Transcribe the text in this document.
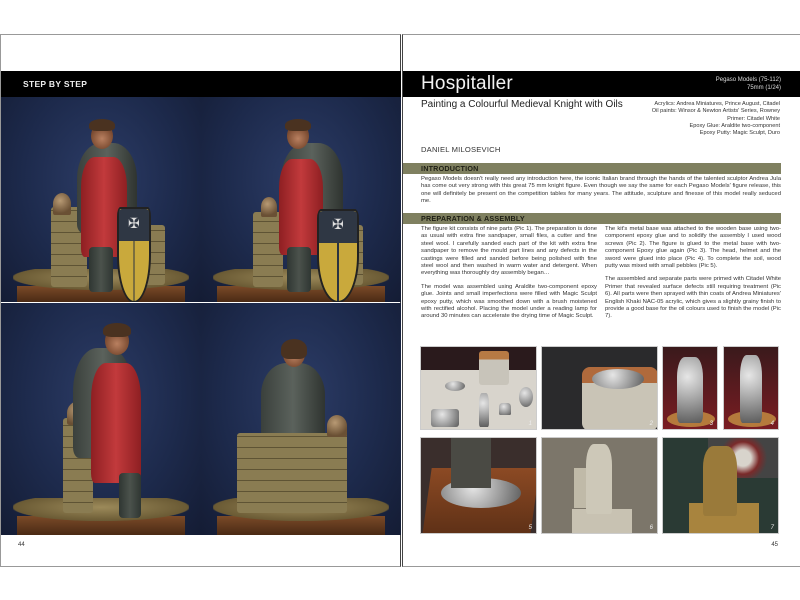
STEP BY STEP
✠
✠
44
Hospitaller	Pegaso Models (75-112)
75mm (1/24)
Painting a Colourful Medieval Knight with Oils	Acrylics: Andrea Miniatures, Prince August, Citadel
Oil paints: Winsor & Newton Artists' Series, Rowney
Primer: Citadel White
Epoxy Glue: Araldite two-component
Epoxy Putty: Magic Sculpt, Duro
DANIEL MILOSEVICH
INTRODUCTION

Pegaso Models doesn't really need any introduction here, the iconic Italian brand through the hands of the talented sculptor Andrea Jula has come out very strong with this great 75 mm knight figure. Even though we say the same for each Pegaso Models' figure release, this one will definitely be present on the competition tables for many years. The attitude, sculpture and finesse of this model really seduced me.

PREPARATION & ASSEMBLY

The figure kit consists of nine parts (Pic 1). The preparation is done as usual with extra fine sandpaper, small files, a cutter and fine steel wool. I carefully sanded each part of the kit with extra fine sandpaper to remove the mould part lines and any defects in the castings were filled and sanded before being polished with fine steel wool and then washed in warm water and detergent. When everything was thoroughly dry assembly began…

The model was assembled using Araldite two-component epoxy glue. Joints and small imperfections were filled with Magic Sculpt epoxy putty, which was smoothed down with a brush moistened with rectified alcohol. Placing the model under a reading lamp for around 30 minutes can accelerate the drying time of Magic Sculpt.

The kit's metal base was attached to the wooden base using two- component epoxy glue and to solidify the assembly I used wood screws (Pic 2). The figure is glued to the metal base with two-component Epoxy glue again (Pic 3). The head, helmet and the sword were glued into place (Pic 4). To complete the soil, wood putty was mixed with small pebbles (Pic 5).

The assembled and separate parts were primed with Citadel White Primer that revealed surface defects still requiring treatment (Pic 6). All parts were then sprayed with thin coats of Andrea Miniatures' English Khaki NAC-05 acrylic, which gives a slightly grainy finish to provide a good base for the oil colours used to finish the model (Pic 7).

1	2	3	4
5	6	7
45
